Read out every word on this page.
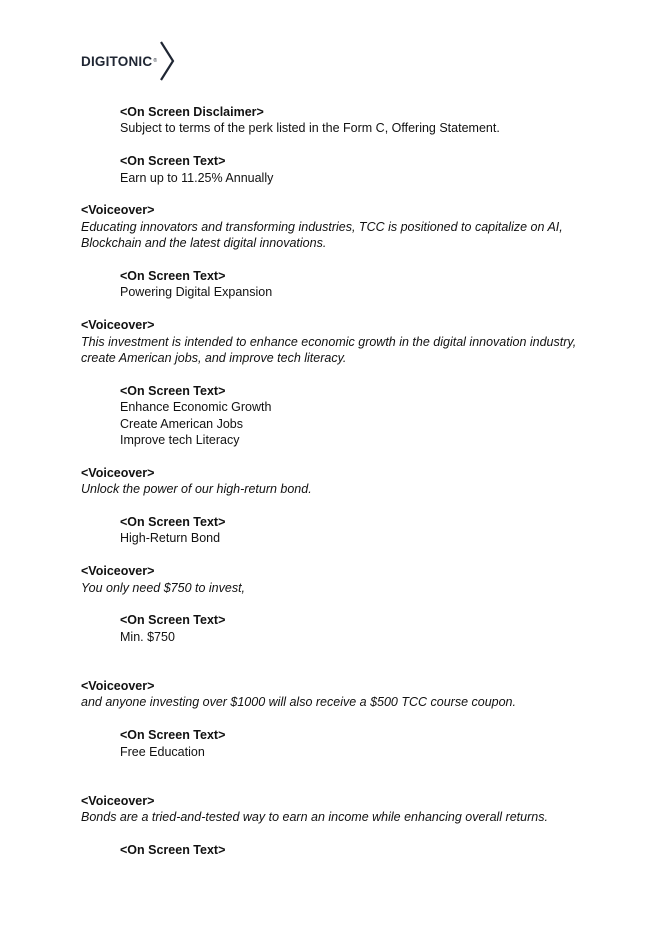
DIGITONIC ®
<On Screen Disclaimer>
Subject to terms of the perk listed in the Form C, Offering Statement.
<On Screen Text>
Earn up to 11.25% Annually
<Voiceover>
Educating innovators and transforming industries, TCC is positioned to capitalize on AI, Blockchain and the latest digital innovations.
<On Screen Text>
Powering Digital Expansion
<Voiceover>
This investment is intended to enhance economic growth in the digital innovation industry, create American jobs, and improve tech literacy.
<On Screen Text>
Enhance Economic Growth
Create American Jobs
Improve tech Literacy
<Voiceover>
Unlock the power of our high-return bond.
<On Screen Text>
High-Return Bond
<Voiceover>
You only need $750 to invest,
<On Screen Text>
Min. $750
<Voiceover>
and anyone investing over $1000 will also receive a $500 TCC course coupon.
<On Screen Text>
Free Education
<Voiceover>
Bonds are a tried-and-tested way to earn an income while enhancing overall returns.
<On Screen Text>
